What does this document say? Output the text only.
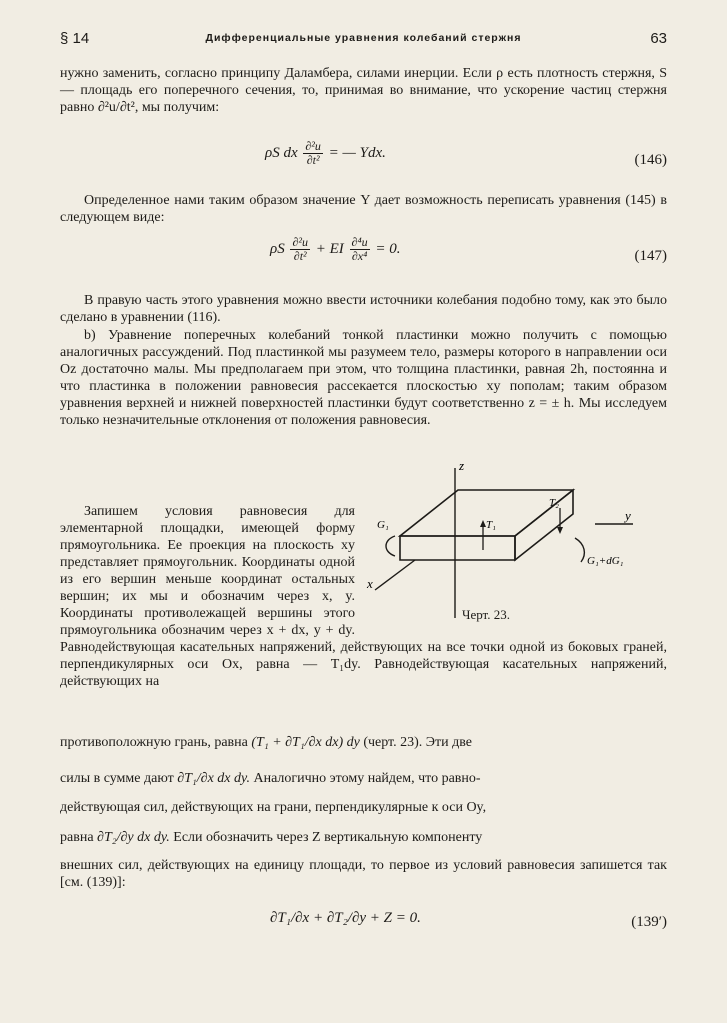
§ 14	Дифференциальные уравнения колебаний стержня	63
нужно заменить, согласно принципу Даламбера, силами инерции. Если ρ есть плотность стержня, S — площадь его поперечного сечения, то, принимая во внимание, что ускорение частиц стержня равно ∂²u/∂t², мы получим:
ρS dx $\frac{\text{∂²u}}{\text{∂t²}}$ = — Ydx.	(146)
Определенное нами таким образом значение Y дает возможность переписать уравнения (145) в следующем виде:
ρS $\frac{\text{∂²u}}{\text{∂t²}}$ + EI $\frac{\text{∂⁴u}}{\text{∂x⁴}} = 0$.	(147)
В правую часть этого уравнения можно ввести источники колебания подобно тому, как это было сделано в уравнении (116).
b) Уравнение поперечных колебаний тонкой пластинки можно получить с помощью аналогичных рассуждений. Под пластинкой мы разумеем тело, размеры которого в направлении оси Oz достаточно малы. Мы предполагаем при этом, что толщина пластинки, равная 2h, постоянна и что пластинка в положении равновесия рассекается плоскостью xy пополам; таким образом уравнения верхней и нижней поверхностей пластинки будут соответственно z = ± h. Мы исследуем только незначительные отклонения от положения равновесия.
Запишем условия равновесия для элементарной площадки, имеющей форму прямоугольника. Ее проекция на плоскость xy представляет прямоугольник. Координаты одной из его вершин меньше координат остальных вершин; их мы и обозначим через x, y. Координаты противолежащей вершины этого прямоугольника обозначим через x + dx, y + dy. Равнодействующая касательных напряжений, действующих на все точки одной из боковых граней, перпендикулярных оси Ox, равна — T₁dy. Равнодействующая касательных напряжений, действующих на
противоположную грань, равна (T₁ + ∂T₁/∂x dx) dy (черт. 23). Эти две
силы в сумме дают ∂T₁/∂x dx dy. Аналогично этому найдем, что равно-
действующая сил, действующих на грани, перпендикулярные к оси Oy,
равна ∂T₂/∂y dx dy. Если обозначить через Z вертикальную компоненту
внешних сил, действующих на единицу площади, то первое из условий равновесия запишется так [см. (139)]:
∂T₁/∂x + ∂T₂/∂y + Z = 0.	(139′)
z
y
x
T₁
T₂
G₁
G₁+dG₁
Черт. 23.
